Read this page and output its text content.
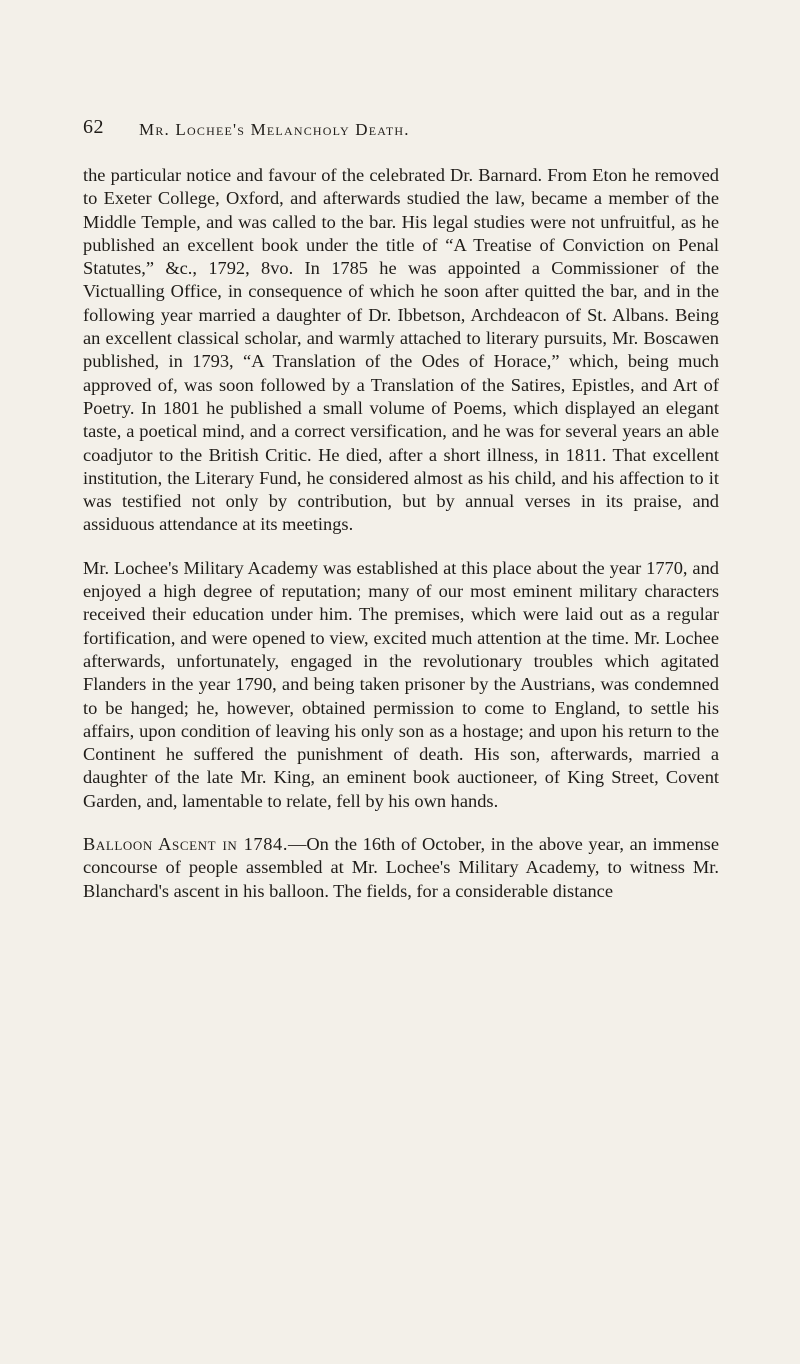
62 Mr. Lochee's Melancholy Death.

the particular notice and favour of the celebrated Dr. Barnard. From Eton he removed to Exeter College, Oxford, and afterwards studied the law, became a member of the Middle Temple, and was called to the bar. His legal studies were not unfruitful, as he published an excellent book under the title of “A Treatise of Conviction on Penal Statutes,” &c., 1792, 8vo. In 1785 he was appointed a Commissioner of the Victualling Office, in consequence of which he soon after quitted the bar, and in the following year married a daughter of Dr. Ibbetson, Archdeacon of St. Albans. Being an excellent classical scholar, and warmly attached to literary pursuits, Mr. Boscawen published, in 1793, “A Translation of the Odes of Horace,” which, being much approved of, was soon followed by a Translation of the Satires, Epistles, and Art of Poetry. In 1801 he published a small volume of Poems, which displayed an elegant taste, a poetical mind, and a correct versification, and he was for several years an able coadjutor to the British Critic. He died, after a short illness, in 1811. That excellent institution, the Literary Fund, he considered almost as his child, and his affection to it was testified not only by contribution, but by annual verses in its praise, and assiduous attendance at its meetings.

Mr. Lochee's Military Academy was established at this place about the year 1770, and enjoyed a high degree of reputation; many of our most eminent military characters received their education under him. The premises, which were laid out as a regular fortification, and were opened to view, excited much attention at the time. Mr. Lochee afterwards, unfortunately, engaged in the revolutionary troubles which agitated Flanders in the year 1790, and being taken prisoner by the Austrians, was condemned to be hanged; he, however, obtained permission to come to England, to settle his affairs, upon condition of leaving his only son as a hostage; and upon his return to the Continent he suffered the punishment of death. His son, afterwards, married a daughter of the late Mr. King, an eminent book auctioneer, of King Street, Covent Garden, and, lamentable to relate, fell by his own hands.

Balloon Ascent in 1784.—On the 16th of October, in the above year, an immense concourse of people assembled at Mr. Lochee's Military Academy, to witness Mr. Blanchard's ascent in his balloon. The fields, for a considerable distance
